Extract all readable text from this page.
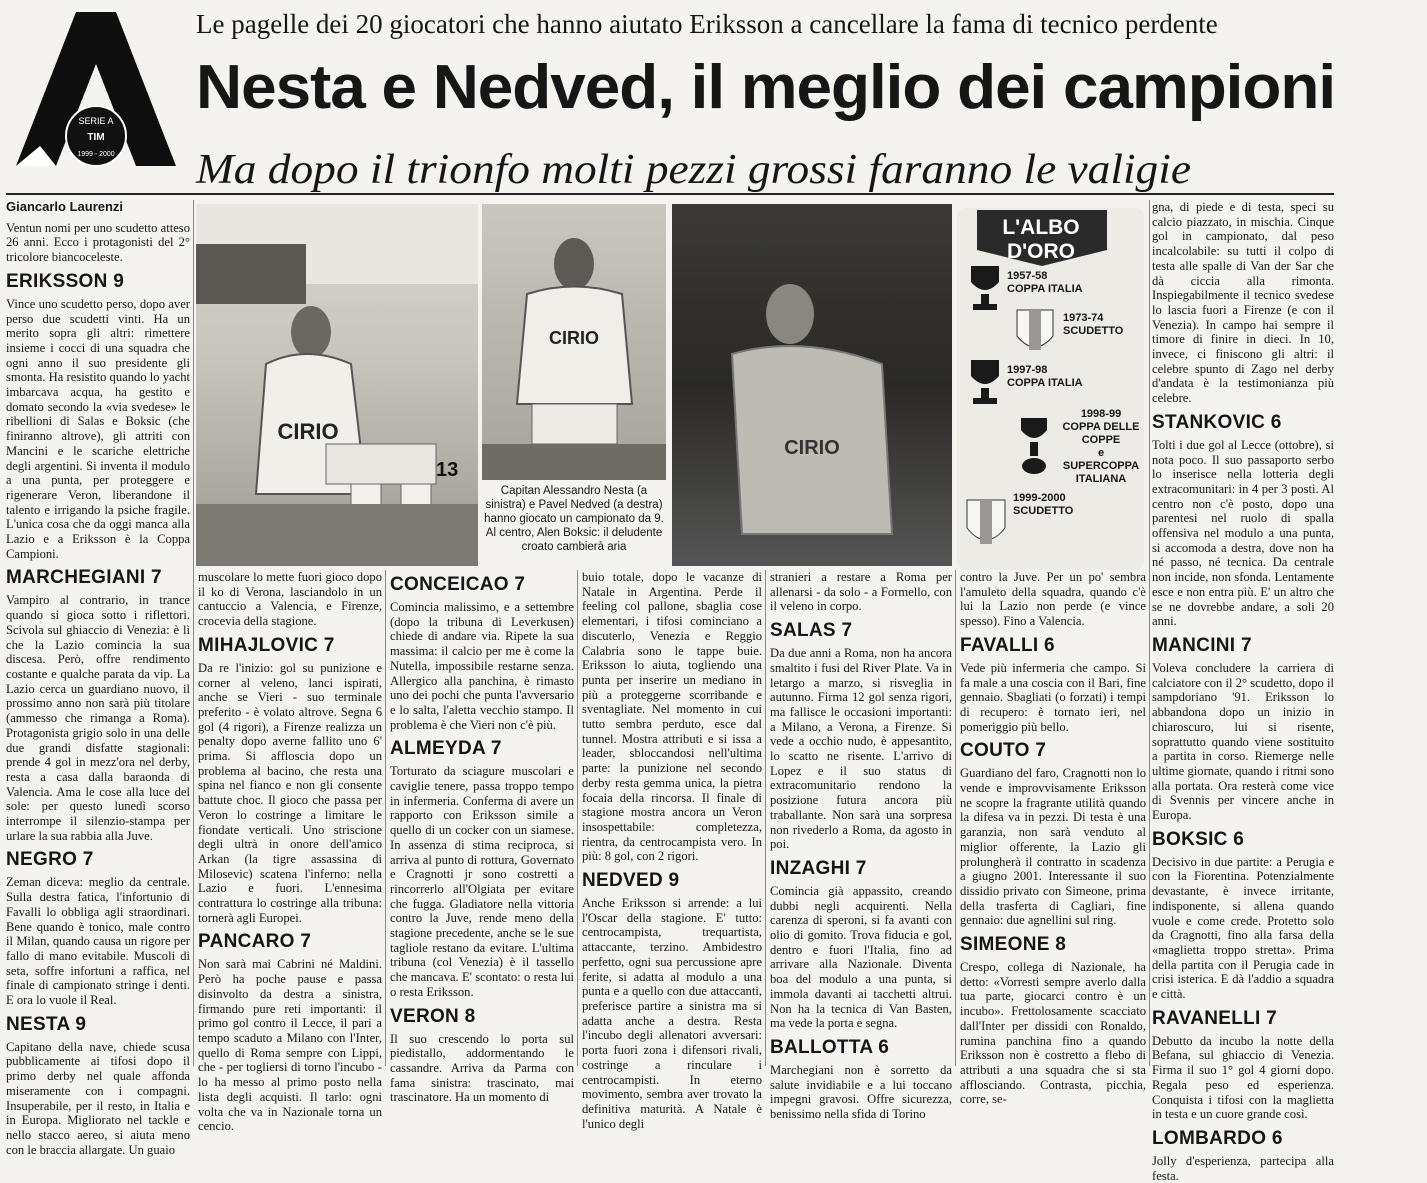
SERIE A
TIM
1999 - 2000
Le pagelle dei 20 giocatori che hanno aiutato Eriksson a cancellare la fama di tecnico perdente
Nesta e Nedved, il meglio dei campioni
Ma dopo il trionfo molti pezzi grossi faranno le valigie

Giancarlo Laurenzi

Ventun nomi per uno scudetto atteso 26 anni. Ecco i protagonisti del 2° tricolore biancoceleste.

ERIKSSON 9

Vince uno scudetto perso, dopo aver perso due scudetti vinti. Ha un merito sopra gli altri: rimettere insieme i cocci di una squadra che ogni anno il suo presidente gli smonta. Ha resistito quando lo yacht imbarcava acqua, ha gestito e domato secondo la «via svedese» le ribellioni di Salas e Boksic (che finiranno altrove), gli attriti con Mancini e le scariche elettriche degli argentini. Si inventa il modulo a una punta, per proteggere e rigenerare Veron, liberandone il talento e irrigando la psiche fragile. L'unica cosa che da oggi manca alla Lazio e a Eriksson è la Coppa Campioni.

MARCHEGIANI 7

Vampiro al contrario, in trance quando si gioca sotto i riflettori. Scivola sul ghiaccio di Venezia: è lì che la Lazio comincia la sua discesa. Però, offre rendimento costante e qualche parata da vip. La Lazio cerca un guardiano nuovo, il prossimo anno non sarà più titolare (ammesso che rimanga a Roma). Protagonista grigio solo in una delle due grandi disfatte stagionali: prende 4 gol in mezz'ora nel derby, resta a casa dalla baraonda di Valencia. Ama le cose alla luce del sole: per questo lunedì scorso interrompe il silenzio-stampa per urlare la sua rabbia alla Juve.

NEGRO 7

Zeman diceva: meglio da centrale. Sulla destra fatica, l'infortunio di Favalli lo obbliga agli straordinari. Bene quando è tonico, male contro il Milan, quando causa un rigore per fallo di mano evitabile. Muscoli di seta, soffre infortuni a raffica, nel finale di campionato stringe i denti. E ora lo vuole il Real.

NESTA 9

Capitano della nave, chiede scusa pubblicamente ai tifosi dopo il primo derby nel quale affonda miseramente con i compagni. Insuperabile, per il resto, in Italia e in Europa. Migliorato nel tackle e nello stacco aereo, si aiuta meno con le braccia allargate. Un guaio

CIRIO
13
CIRIO
Capitan Alessandro Nesta (a sinistra) e Pavel Nedved (a destra) hanno giocato un campionato da 9. Al centro, Alen Boksic: il deludente croato cambierà aria
CIRIO
L'ALBO
D'ORO
1957-58
COPPA ITALIA
1973-74
SCUDETTO
1997-98
COPPA ITALIA
1998-99
COPPA DELLE COPPE
e
SUPERCOPPA ITALIANA
1999-2000
SCUDETTO

muscolare lo mette fuori gioco dopo il ko di Verona, lasciandolo in un cantuccio a Valencia, e Firenze, crocevia della stagione.

MIHAJLOVIC 7

Da re l'inizio: gol su punizione e corner al veleno, lanci ispirati, anche se Vieri - suo terminale preferito - è volato altrove. Segna 6 gol (4 rigori), a Firenze realizza un penalty dopo averne fallito uno 6' prima. Si affloscia dopo un problema al bacino, che resta una spina nel fianco e non gli consente battute choc. Il gioco che passa per Veron lo costringe a limitare le fiondate verticali. Uno striscione degli ultrà in onore dell'amico Arkan (la tigre assassina di Milosevic) scatena l'inferno: nella Lazio e fuori. L'ennesima contrattura lo costringe alla tribuna: tornerà agli Europei.

PANCARO 7

Non sarà mai Cabrini né Maldini. Però ha poche pause e passa disinvolto da destra a sinistra, firmando pure reti importanti: il primo gol contro il Lecce, il pari a tempo scaduto a Milano con l'Inter, quello di Roma sempre con Lippi, che - per togliersi di torno l'incubo - lo ha messo al primo posto nella lista degli acquisti. Il tarlo: ogni volta che va in Nazionale torna un cencio.

CONCEICAO 7

Comincia malissimo, e a settembre (dopo la tribuna di Leverkusen) chiede di andare via. Ripete la sua massima: il calcio per me è come la Nutella, impossibile restarne senza. Allergico alla panchina, è rimasto uno dei pochi che punta l'avversario e lo salta, l'aletta vecchio stampo. Il problema è che Vieri non c'è più.

ALMEYDA 7

Torturato da sciagure muscolari e caviglie tenere, passa troppo tempo in infermeria. Conferma di avere un rapporto con Eriksson simile a quello di un cocker con un siamese. In assenza di stima reciproca, si arriva al punto di rottura, Governato e Cragnotti jr sono costretti a rincorrerlo all'Olgiata per evitare che fugga. Gladiatore nella vittoria contro la Juve, rende meno della stagione precedente, anche se le sue tagliole restano da evitare. L'ultima tribuna (col Venezia) è il tassello che mancava. E' scontato: o resta lui o resta Eriksson.

VERON 8

Il suo crescendo lo porta sul piedistallo, addormentando le cassandre. Arriva da Parma con fama sinistra: trascinato, mai trascinatore. Ha un momento di

buio totale, dopo le vacanze di Natale in Argentina. Perde il feeling col pallone, sbaglia cose elementari, i tifosi cominciano a discuterlo, Venezia e Reggio Calabria sono le tappe buie. Eriksson lo aiuta, togliendo una punta per inserire un mediano in più a proteggerne scorribande e sventagliate. Nel momento in cui tutto sembra perduto, esce dal tunnel. Mostra attributi e si issa a leader, sbloccandosi nell'ultima parte: la punizione nel secondo derby resta gemma unica, la pietra focaia della rincorsa. Il finale di stagione mostra ancora un Veron insospettabile: completezza, rientra, da centrocampista vero. In più: 8 gol, con 2 rigori.

NEDVED 9

Anche Eriksson si arrende: a lui l'Oscar della stagione. E' tutto: centrocampista, trequartista, attaccante, terzino. Ambidestro perfetto, ogni sua percussione apre ferite, si adatta al modulo a una punta e a quello con due attaccanti, preferisce partire a sinistra ma si adatta anche a destra. Resta l'incubo degli allenatori avversari: porta fuori zona i difensori rivali, costringe a rinculare i centrocampisti. In eterno movimento, sembra aver trovato la definitiva maturità. A Natale è l'unico degli

stranieri a restare a Roma per allenarsi - da solo - a Formello, con il veleno in corpo.

SALAS 7

Da due anni a Roma, non ha ancora smaltito i fusi del River Plate. Va in letargo a marzo, si risveglia in autunno. Firma 12 gol senza rigori, ma fallisce le occasioni importanti: a Milano, a Verona, a Firenze. Si vede a occhio nudo, è appesantito, lo scatto ne risente. L'arrivo di Lopez e il suo status di extracomunitario rendono la posizione futura ancora più traballante. Non sarà una sorpresa non rivederlo a Roma, da agosto in poi.

INZAGHI 7

Comincia già appassito, creando dubbi negli acquirenti. Nella carenza di speroni, si fa avanti con olio di gomito. Trova fiducia e gol, dentro e fuori l'Italia, fino ad arrivare alla Nazionale. Diventa boa del modulo a una punta, si immola davanti ai tacchetti altrui. Non ha la tecnica di Van Basten, ma vede la porta e segna.

BALLOTTA 6

Marchegiani non è sorretto da salute invidiabile e a lui toccano impegni gravosi. Offre sicurezza, benissimo nella sfida di Torino

contro la Juve. Per un po' sembra l'amuleto della squadra, quando c'è lui la Lazio non perde (e vince spesso). Fino a Valencia.

FAVALLI 6

Vede più infermeria che campo. Si fa male a una coscia con il Bari, fine gennaio. Sbagliati (o forzati) i tempi di recupero: è tornato ieri, nel pomeriggio più bello.

COUTO 7

Guardiano del faro, Cragnotti non lo vende e improvvisamente Eriksson ne scopre la fragrante utilità quando la difesa va in pezzi. Di testa è una garanzia, non sarà venduto al miglior offerente, la Lazio gli prolungherà il contratto in scadenza a giugno 2001. Interessante il suo dissidio privato con Simeone, prima della trasferta di Cagliari, fine gennaio: due agnellini sul ring.

SIMEONE 8

Crespo, collega di Nazionale, ha detto: «Vorresti sempre averlo dalla tua parte, giocarci contro è un incubo». Frettolosamente scacciato dall'Inter per dissidi con Ronaldo, rumina panchina fino a quando Eriksson non è costretto a flebo di attributi a una squadra che si sta afflosciando. Contrasta, picchia, corre, se-

gna, di piede e di testa, speci su calcio piazzato, in mischia. Cinque gol in campionato, dal peso incalcolabile: su tutti il colpo di testa alle spalle di Van der Sar che dà ciccia alla rimonta. Inspiegabilmente il tecnico svedese lo lascia fuori a Firenze (e con il Venezia). In campo hai sempre il timore di finire in dieci. In 10, invece, ci finiscono gli altri: il celebre spunto di Zago nel derby d'andata è la testimonianza più celebre.

STANKOVIC 6

Tolti i due gol al Lecce (ottobre), si nota poco. Il suo passaporto serbo lo inserisce nella lotteria degli extracomunitari: in 4 per 3 posti. Al centro non c'è posto, dopo una parentesi nel ruolo di spalla offensiva nel modulo a una punta, si accomoda a destra, dove non ha né passo, né tecnica. Da centrale non incide, non sfonda. Lentamente esce e non entra più. E' un altro che se ne dovrebbe andare, a soli 20 anni.

MANCINI 7

Voleva concludere la carriera di calciatore con il 2° scudetto, dopo il sampdoriano '91. Eriksson lo abbandona dopo un inizio in chiaroscuro, lui si risente, soprattutto quando viene sostituito a partita in corso. Riemerge nelle ultime giornate, quando i ritmi sono alla portata. Ora resterà come vice di Svennis per vincere anche in Europa.

BOKSIC 6

Decisivo in due partite: a Perugia e con la Fiorentina. Potenzialmente devastante, è invece irritante, indisponente, si allena quando vuole e come crede. Protetto solo da Cragnotti, fino alla farsa della «maglietta troppo stretta». Prima della partita con il Perugia cade in crisi isterica. E dà l'addio a squadra e città.

RAVANELLI 7

Debutto da incubo la notte della Befana, sul ghiaccio di Venezia. Firma il suo 1° gol 4 giorni dopo. Regala peso ed esperienza. Conquista i tifosi con la maglietta in testa e un cuore grande così.

LOMBARDO 6

Jolly d'esperienza, partecipa alla festa.
